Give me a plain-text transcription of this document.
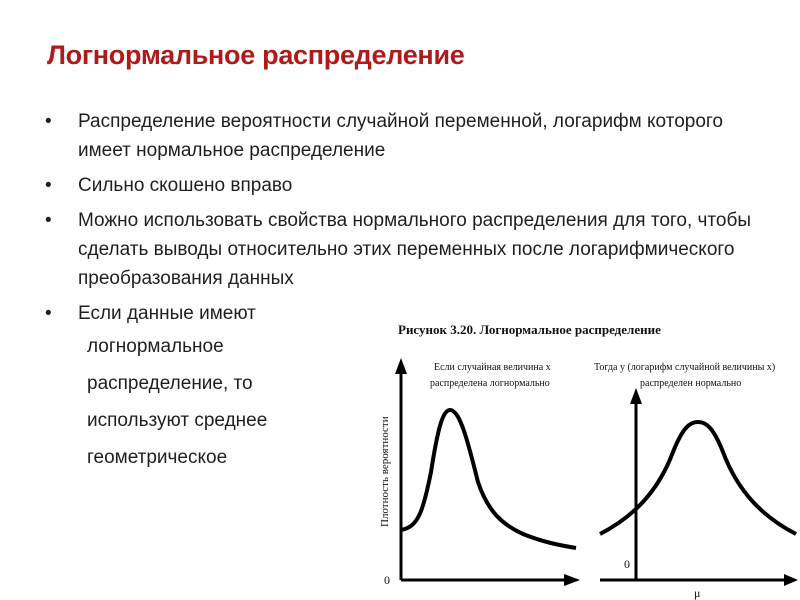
Логнормальное распределение
•	Распределение вероятности случайной переменной, логарифм которого имеет нормальное распределение
•	Сильно скошено вправо
•	Можно использовать свойства нормального распределения для того, чтобы сделать выводы относительно этих переменных после логарифмического преобразования данных
•	Если данные имеют
логнормальное
распределение, то
используют среднее
геометрическое
Рисунок 3.20. Логнормальное распределение
Плотность вероятности
Если случайная величина x
распределена логнормально
0
Тогда y (логарифм случайной величины x)
распределен нормально
0
μ
